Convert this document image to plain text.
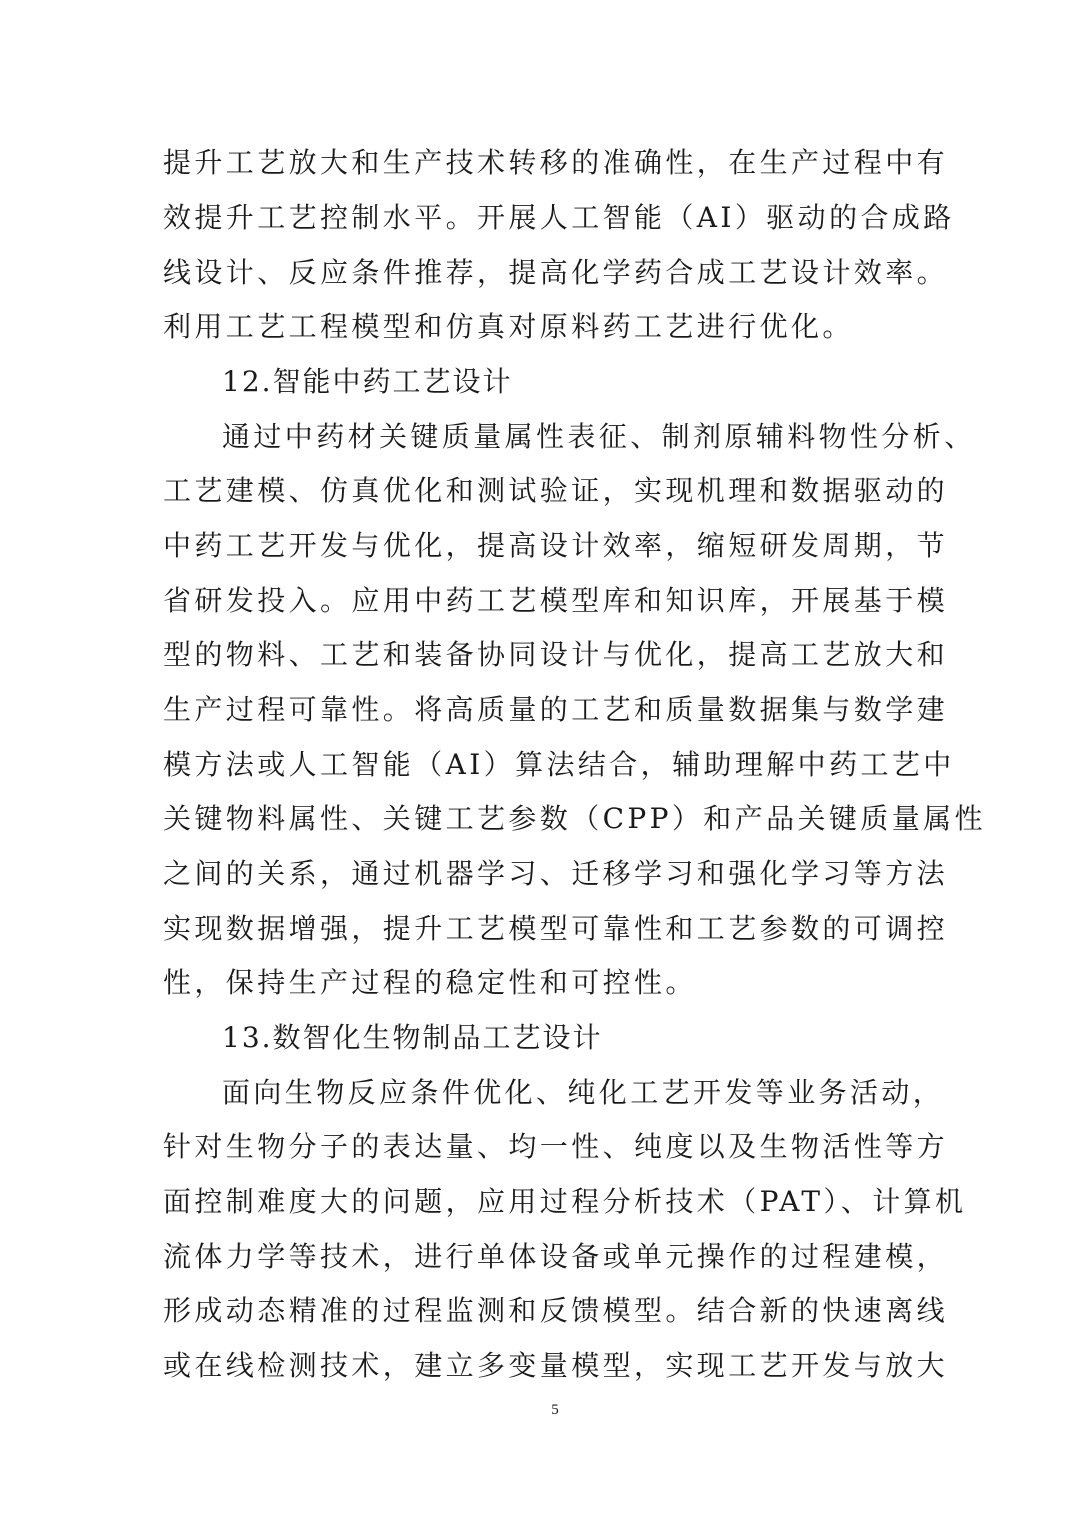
提升工艺放大和生产技术转移的准确性，在生产过程中有
效提升工艺控制水平。开展人工智能（AI）驱动的合成路
线设计、反应条件推荐，提高化学药合成工艺设计效率。
利用工艺工程模型和仿真对原料药工艺进行优化。
12.智能中药工艺设计
通过中药材关键质量属性表征、制剂原辅料物性分析、
工艺建模、仿真优化和测试验证，实现机理和数据驱动的
中药工艺开发与优化，提高设计效率，缩短研发周期，节
省研发投入。应用中药工艺模型库和知识库，开展基于模
型的物料、工艺和装备协同设计与优化，提高工艺放大和
生产过程可靠性。将高质量的工艺和质量数据集与数学建
模方法或人工智能（AI）算法结合，辅助理解中药工艺中
关键物料属性、关键工艺参数（CPP）和产品关键质量属性
之间的关系，通过机器学习、迁移学习和强化学习等方法
实现数据增强，提升工艺模型可靠性和工艺参数的可调控
性，保持生产过程的稳定性和可控性。
13.数智化生物制品工艺设计
面向生物反应条件优化、纯化工艺开发等业务活动，
针对生物分子的表达量、均一性、纯度以及生物活性等方
面控制难度大的问题，应用过程分析技术（PAT）、计算机
流体力学等技术，进行单体设备或单元操作的过程建模，
形成动态精准的过程监测和反馈模型。结合新的快速离线
或在线检测技术，建立多变量模型，实现工艺开发与放大
5
